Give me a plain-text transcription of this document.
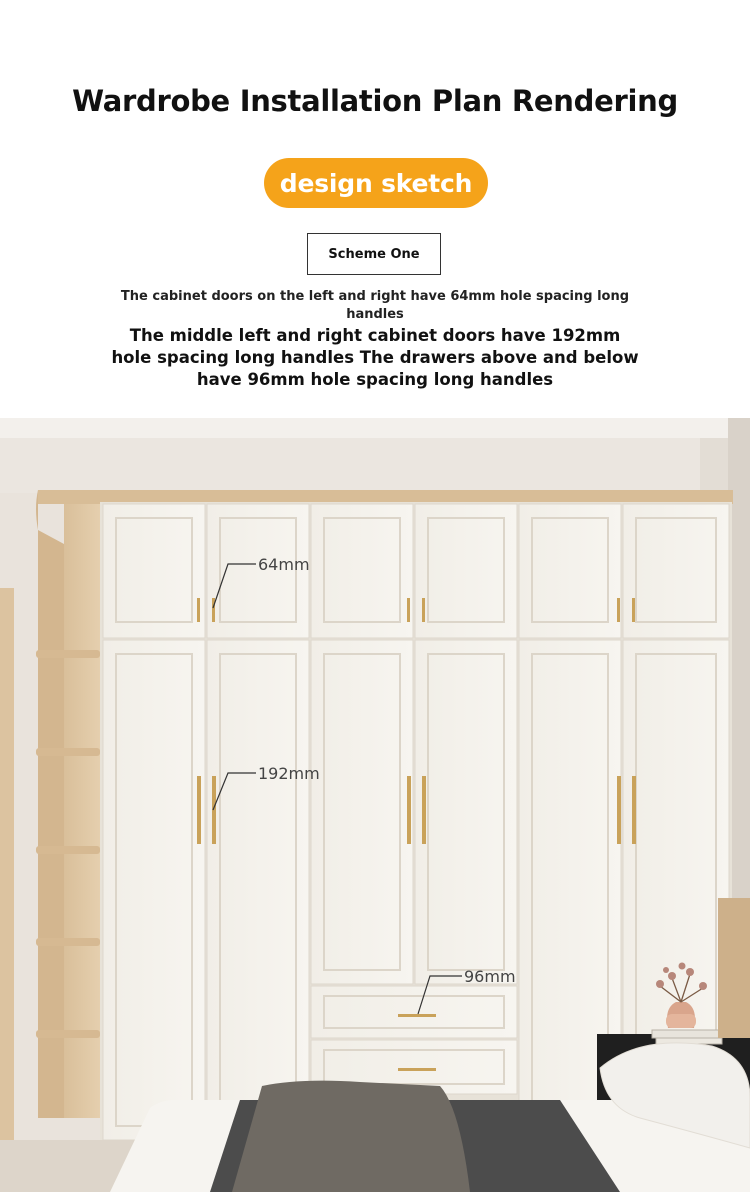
Wardrobe Installation Plan Rendering
design sketch
Scheme One
The cabinet doors on the left and right have 64mm hole spacing long handles
The middle left and right cabinet doors have 192mm hole spacing long handles The drawers above and below have 96mm hole spacing long handles
64mm
192mm
96mm
